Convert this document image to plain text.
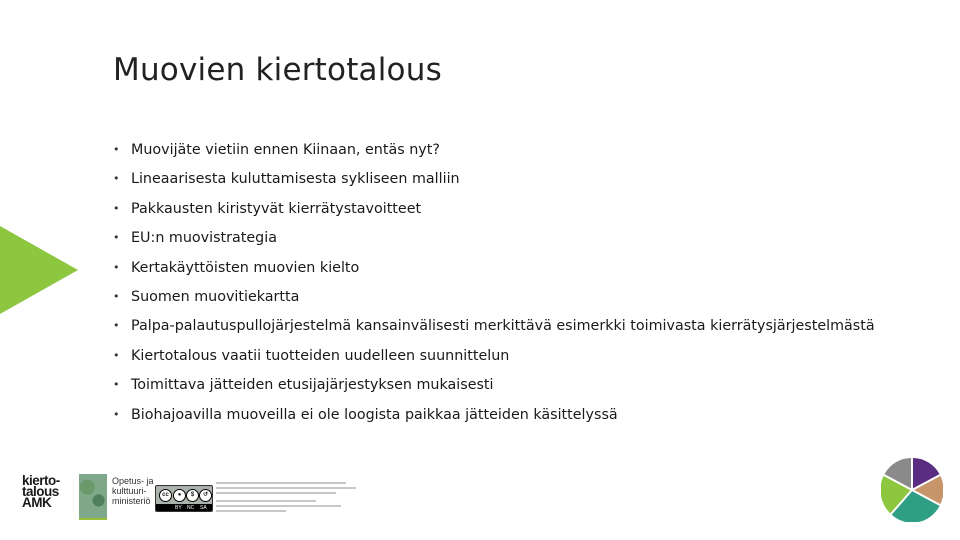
Muovien kiertotalous
• Muovijäte vietiin ennen Kiinaan, entäs nyt?
• Lineaarisesta kuluttamisesta sykliseen malliin
• Pakkausten kiristyvät kierrätystavoitteet
• EU:n muovistrategia
• Kertakäyttöisten muovien kielto
• Suomen muovitiekartta
• Palpa-palautuspullojärjestelmä kansainvälisesti merkittävä esimerkki toimivasta kierrätysjärjestelmästä
• Kiertotalous vaatii tuotteiden uudelleen suunnittelun
• Toimittava jätteiden etusijajärjestyksen mukaisesti
• Biohajoavilla muoveilla ei ole loogista paikkaa jätteiden käsittelyssä
kierto-
talous
AMK
Opetus- ja
kulttuuri-
ministeriö
cc	●	$	↺
BY NC SA
